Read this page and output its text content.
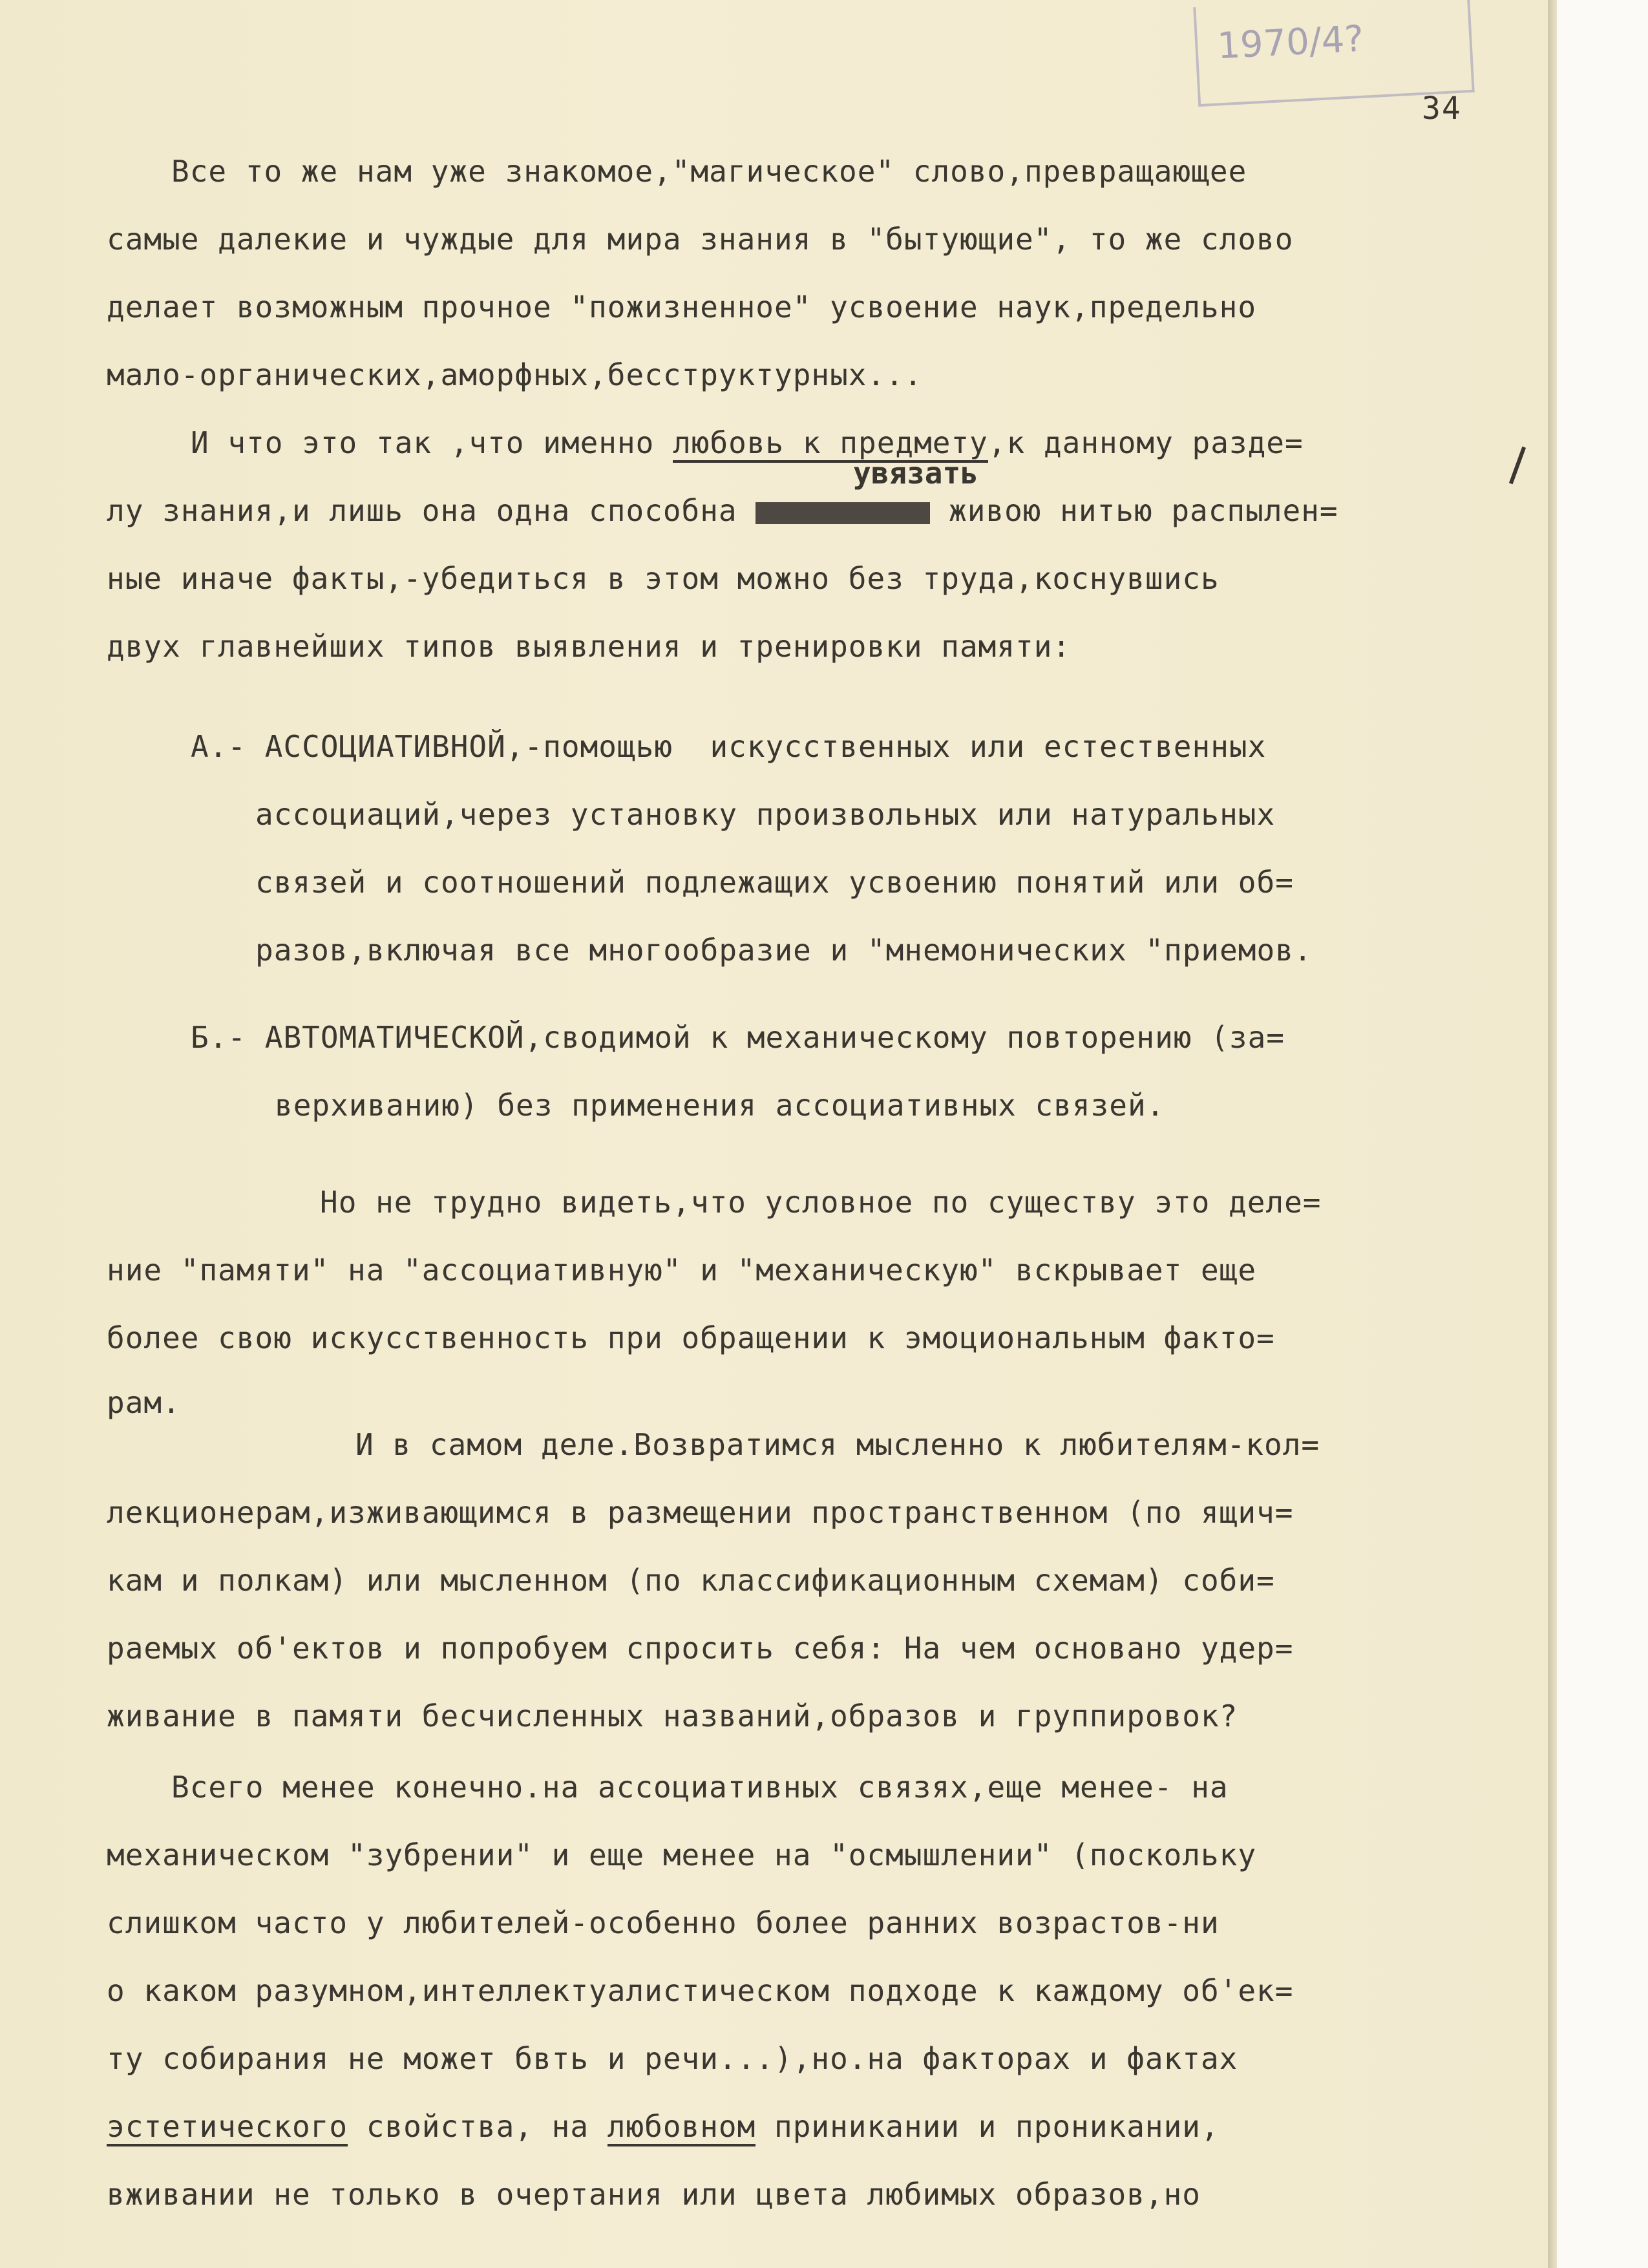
1970/4?
34
Все то же нам уже знакомое,"магическое" слово,превращающее
самые далекие и чуждые для мира знания в "бытующие", то же слово
делает возможным прочное "пожизненное" усвоение наук,предельно
мало-органических,аморфных,бесструктурных...
И что это так ,что именно любовь к предмету,к данному разде=
увязать
лу знания,и лишь она одна способна	живою нитью распылен=
ные иначе факты,-убедиться в этом можно без труда,коснувшись
двух главнейших типов выявления и тренировки памяти:
А.- АССОЦИАТИВНОЙ,-помощью  искусственных или естественных
ассоциаций,через установку произвольных или натуральных
связей и соотношений подлежащих усвоению понятий или об=
разов,включая все многообразие и "мнемонических "приемов.
Б.- АВТОМАТИЧЕСКОЙ,сводимой к механическому повторению (за=
верхиванию) без применения ассоциативных связей.
Но не трудно видеть,что условное по существу это деле=
ние "памяти" на "ассоциативную" и "механическую" вскрывает еще
более свою искусственность при обращении к эмоциональным факто=
рам.
И в самом деле.Возвратимся мысленно к любителям-кол=
лекционерам,изживающимся в размещении пространственном (по ящич=
кам и полкам) или мысленном (по классификационным схемам) соби=
раемых об'ектов и попробуем спросить себя: На чем основано удер=
живание в памяти бесчисленных названий,образов и группировок?
Всего менее конечно.на ассоциативных связях,еще менее- на
механическом "зубрении" и еще менее на "осмышлении" (поскольку
слишком часто у любителей-особенно более ранних возрастов-ни
о каком разумном,интеллектуалистическом подходе к каждому об'ек=
ту собирания не может бвть и речи...),но.на факторах и фактах
эстетического свойства, на любовном приникании и проникании,
вживании не только в очертания или цвета любимых образов,но
